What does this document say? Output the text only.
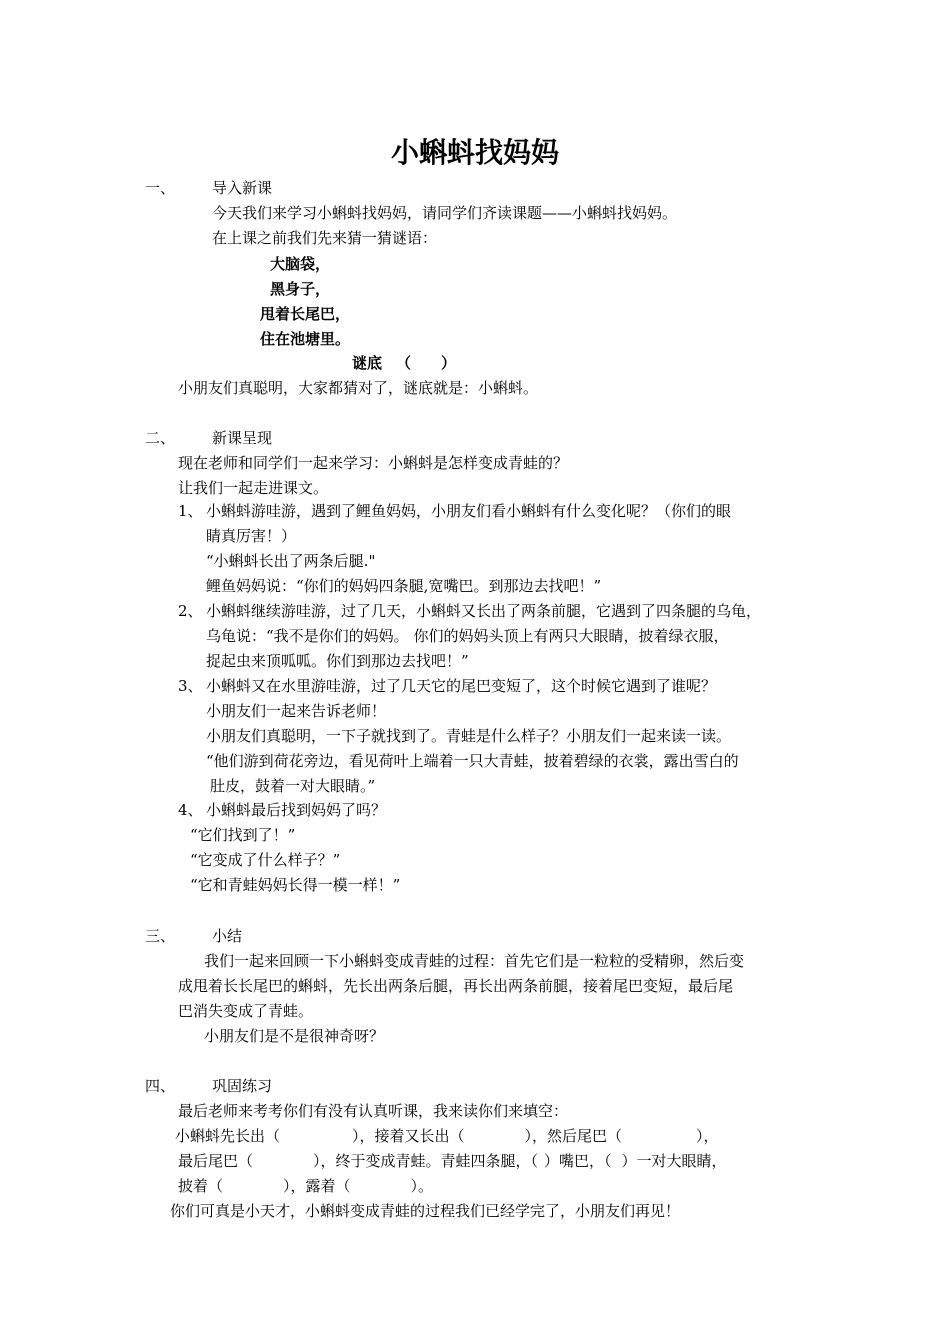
小蝌蚪找妈妈
一、 导入新课
今天我们来学习小蝌蚪找妈妈，请同学们齐读课题——小蝌蚪找妈妈。
在上课之前我们先来猜一猜谜语：
大脑袋，
黑身子，
甩着长尾巴，
住在池塘里。
谜底 （　　）
小朋友们真聪明，大家都猜对了，谜底就是：小蝌蚪。
二、 新课呈现
现在老师和同学们一起来学习：小蝌蚪是怎样变成青蛙的？
让我们一起走进课文。
1、 小蝌蚪游哇游，遇到了鲤鱼妈妈，小朋友们看小蝌蚪有什么变化呢？（你们的眼
睛真厉害！）
“小蝌蚪长出了两条后腿."
鲤鱼妈妈说：“你们的妈妈四条腿,宽嘴巴。到那边去找吧！”
2、 小蝌蚪继续游哇游，过了几天，小蝌蚪又长出了两条前腿，它遇到了四条腿的乌龟，
乌龟说：“我不是你们的妈妈。 你们的妈妈头顶上有两只大眼睛，披着绿衣服，
捉起虫来顶呱呱。你们到那边去找吧！”
3、 小蝌蚪又在水里游哇游，过了几天它的尾巴变短了，这个时候它遇到了谁呢？
小朋友们一起来告诉老师！
小朋友们真聪明，一下子就找到了。青蛙是什么样子？小朋友们一起来读一读。
“他们游到荷花旁边，看见荷叶上端着一只大青蛙，披着碧绿的衣裳，露出雪白的
肚皮，鼓着一对大眼睛。”
4、 小蝌蚪最后找到妈妈了吗？
“它们找到了！”
“它变成了什么样子？”
“它和青蛙妈妈长得一模一样！”
三、 小结
我们一起来回顾一下小蝌蚪变成青蛙的过程：首先它们是一粒粒的受精卵，然后变
成甩着长长尾巴的蝌蚪，先长出两条后腿，再长出两条前腿，接着尾巴变短，最后尾
巴消失变成了青蛙。
小朋友们是不是很神奇呀？
四、 巩固练习
最后老师来考考你们有没有认真听课，我来读你们来填空：
小蝌蚪先长出（	），接着又长出（	），然后尾巴（	），
最后尾巴（	），终于变成青蛙。青蛙四条腿，（ ）嘴巴，（ ）一对大眼睛，
披着（	），露着（	）。
你们可真是小天才，小蝌蚪变成青蛙的过程我们已经学完了，小朋友们再见！
